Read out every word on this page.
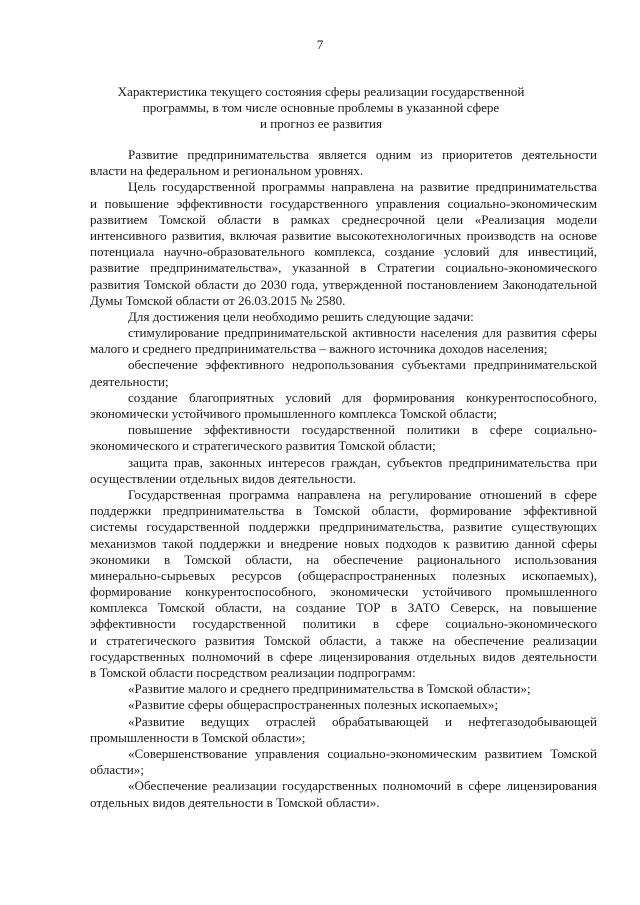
7
Характеристика текущего состояния сферы реализации государственной
программы, в том числе основные проблемы в указанной сфере
и прогноз ее развития
Развитие предпринимательства является одним из приоритетов деятельности
власти на федеральном и региональном уровнях.
Цель государственной программы направлена на развитие предпринимательства
и повышение эффективности государственного управления социально-экономическим
развитием Томской области в рамках среднесрочной цели «Реализация модели
интенсивного развития, включая развитие высокотехнологичных производств на основе
потенциала научно-образовательного комплекса, создание условий для инвестиций,
развитие предпринимательства», указанной в Стратегии социально-экономического
развития Томской области до 2030 года, утвержденной постановлением Законодательной
Думы Томской области от 26.03.2015 № 2580.
Для достижения цели необходимо решить следующие задачи:
стимулирование предпринимательской активности населения для развития сферы
малого и среднего предпринимательства – важного источника доходов населения;
обеспечение эффективного недропользования субъектами предпринимательской
деятельности;
создание благоприятных условий для формирования конкурентоспособного,
экономически устойчивого промышленного комплекса Томской области;
повышение эффективности государственной политики в сфере социально-
экономического и стратегического развития Томской области;
защита прав, законных интересов граждан, субъектов предпринимательства при
осуществлении отдельных видов деятельности.
Государственная программа направлена на регулирование отношений в сфере
поддержки предпринимательства в Томской области, формирование эффективной
системы государственной поддержки предпринимательства, развитие существующих
механизмов такой поддержки и внедрение новых подходов к развитию данной сферы
экономики в Томской области, на обеспечение рационального использования
минерально-сырьевых ресурсов (общераспространенных полезных ископаемых),
формирование конкурентоспособного, экономически устойчивого промышленного
комплекса Томской области, на создание ТОР в ЗАТО Северск, на повышение
эффективности государственной политики в сфере социально-экономического
и стратегического развития Томской области, а также на обеспечение реализации
государственных полномочий в сфере лицензирования отдельных видов деятельности
в Томской области посредством реализации подпрограмм:
«Развитие малого и среднего предпринимательства в Томской области»;
«Развитие сферы общераспространенных полезных ископаемых»;
«Развитие ведущих отраслей обрабатывающей и нефтегазодобывающей
промышленности в Томской области»;
«Совершенствование управления социально-экономическим развитием Томской
области»;
«Обеспечение реализации государственных полномочий в сфере лицензирования
отдельных видов деятельности в Томской области».
